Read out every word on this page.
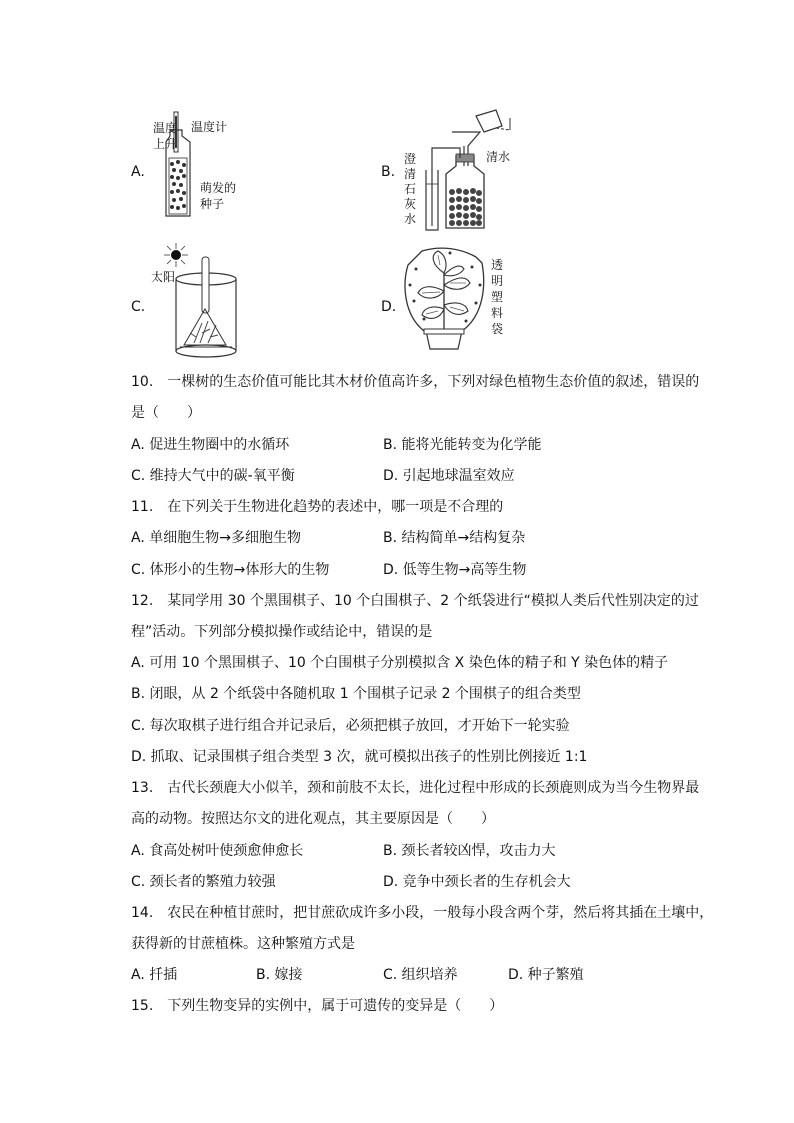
A.
温度上升
温度计
萌发的种子
B.
澄清石灰水
清水
C.
太阳
D.
透明塑料袋
10.　一棵树的生态价值可能比其木材价值高许多，下列对绿色植物生态价值的叙述，错误的
是（　　）
A. 促进生物圈中的水循环	B. 能将光能转变为化学能
C. 维持大气中的碳-氧平衡	D. 引起地球温室效应
11.　在下列关于生物进化趋势的表述中，哪一项是不合理的
A. 单细胞生物→多细胞生物	B. 结构简单→结构复杂
C. 体形小的生物→体形大的生物	D. 低等生物→高等生物
12.　某同学用 30 个黑围棋子、10 个白围棋子、2 个纸袋进行“模拟人类后代性别决定的过
程”活动。下列部分模拟操作或结论中，错误的是
A. 可用 10 个黑围棋子、10 个白围棋子分别模拟含 X 染色体的精子和 Y 染色体的精子
B. 闭眼，从 2 个纸袋中各随机取 1 个围棋子记录 2 个围棋子的组合类型
C. 每次取棋子进行组合并记录后，必须把棋子放回，才开始下一轮实验
D. 抓取、记录围棋子组合类型 3 次，就可模拟出孩子的性别比例接近 1:1
13.　古代长颈鹿大小似羊，颈和前肢不太长，进化过程中形成的长颈鹿则成为当今生物界最
高的动物。按照达尔文的进化观点，其主要原因是（　　）
A. 食高处树叶使颈愈伸愈长	B. 颈长者较凶悍，攻击力大
C. 颈长者的繁殖力较强	D. 竞争中颈长者的生存机会大
14.　农民在种植甘蔗时，把甘蔗砍成许多小段，一般每小段含两个芽，然后将其插在土壤中，
获得新的甘蔗植株。这种繁殖方式是
A. 扦插	B. 嫁接	C. 组织培养	D. 种子繁殖
15.　下列生物变异的实例中，属于可遗传的变异是（　　）
